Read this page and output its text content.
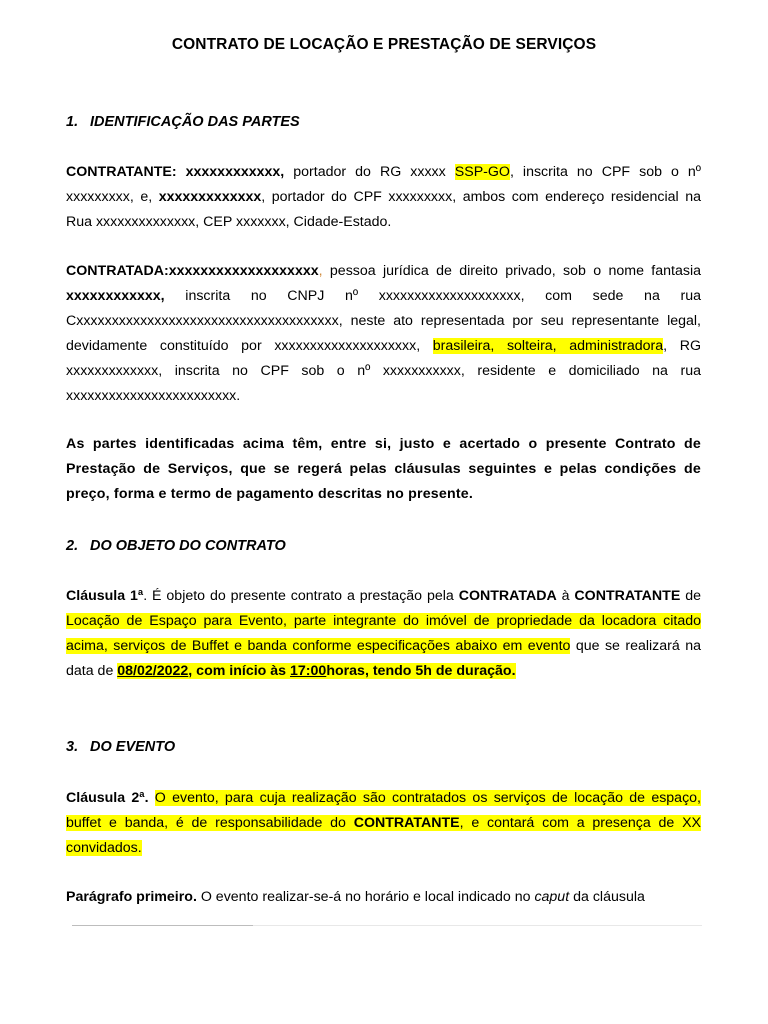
CONTRATO DE LOCAÇÃO E PRESTAÇÃO DE SERVIÇOS
1. IDENTIFICAÇÃO DAS PARTES
CONTRATANTE: xxxxxxxxxxxx, portador do RG xxxxx SSP-GO, inscrita no CPF sob o nº xxxxxxxxx, e, xxxxxxxxxxxxx, portador do CPF xxxxxxxxx, ambos com endereço residencial na Rua xxxxxxxxxxxxxx, CEP xxxxxxx, Cidade-Estado.
CONTRATADA:xxxxxxxxxxxxxxxxxxx, pessoa jurídica de direito privado, sob o nome fantasia xxxxxxxxxxxx, inscrita no CNPJ nº xxxxxxxxxxxxxxxxxxxx, com sede na rua Cxxxxxxxxxxxxxxxxxxxxxxxxxxxxxxxxxxxxx, neste ato representada por seu representante legal, devidamente constituído por xxxxxxxxxxxxxxxxxxxx, brasileira, solteira, administradora, RG xxxxxxxxxxxxx, inscrita no CPF sob o nº xxxxxxxxxxx, residente e domiciliado na rua xxxxxxxxxxxxxxxxxxxxxxxx.
As partes identificadas acima têm, entre si, justo e acertado o presente Contrato de Prestação de Serviços, que se regerá pelas cláusulas seguintes e pelas condições de preço, forma e termo de pagamento descritas no presente.
2. DO OBJETO DO CONTRATO
Cláusula 1ª. É objeto do presente contrato a prestação pela CONTRATADA à CONTRATANTE de Locação de Espaço para Evento, parte integrante do imóvel de propriedade da locadora citado acima, serviços de Buffet e banda conforme especificações abaixo em evento que se realizará na data de 08/02/2022, com início às 17:00horas, tendo 5h de duração.
3. DO EVENTO
Cláusula 2ª. O evento, para cuja realização são contratados os serviços de locação de espaço, buffet e banda, é de responsabilidade do CONTRATANTE, e contará com a presença de XX convidados.
Parágrafo primeiro. O evento realizar-se-á no horário e local indicado no caput da cláusula
